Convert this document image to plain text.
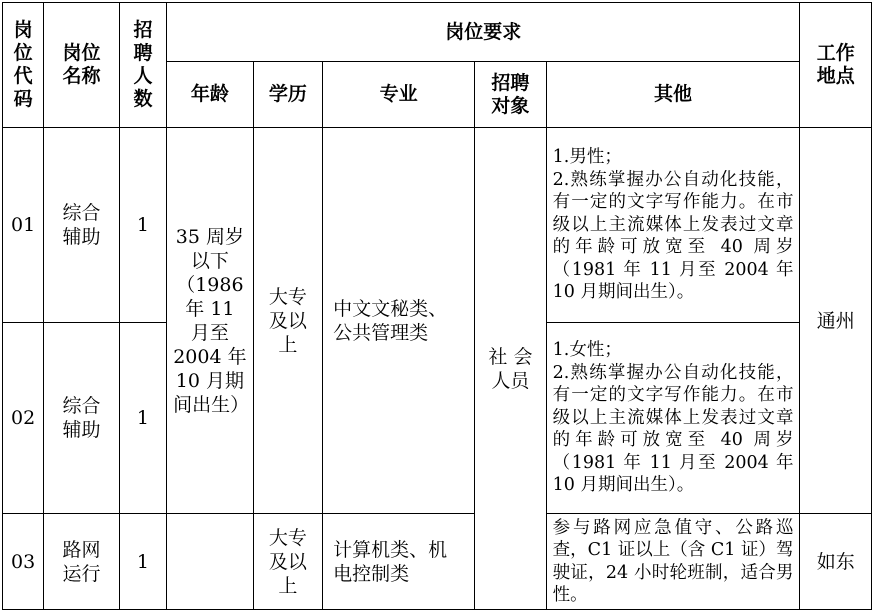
岗位代码	岗位名称	招聘人数	岗位要求					工作地点
			年龄	学历	专业	招聘对象	其他	
01	综合辅助	1	35 周岁以下（1986 年 11 月至 2004 年 10 月期间出生）	大专及以上	中文文秘类、公共管理类	社 会人员	1.男性；
2.熟练掌握办公自动化技能，有一定的文字写作能力。在市级以上主流媒体上发表过文章的年龄可放宽至 40 周岁（1981 年 11 月至 2004 年 10 月期间出生）。	通州
02	综合辅助	1					1.女性；
2.熟练掌握办公自动化技能，有一定的文字写作能力。在市级以上主流媒体上发表过文章的年龄可放宽至 40 周岁（1981 年 11 月至 2004 年 10 月期间出生）。	

03	路网运行	1		大专及以上	计算机类、机电控制类		参与路网应急值守、公路巡查，C1 证以上（含 C1 证）驾驶证，24 小时轮班制，适合男性。	如东
